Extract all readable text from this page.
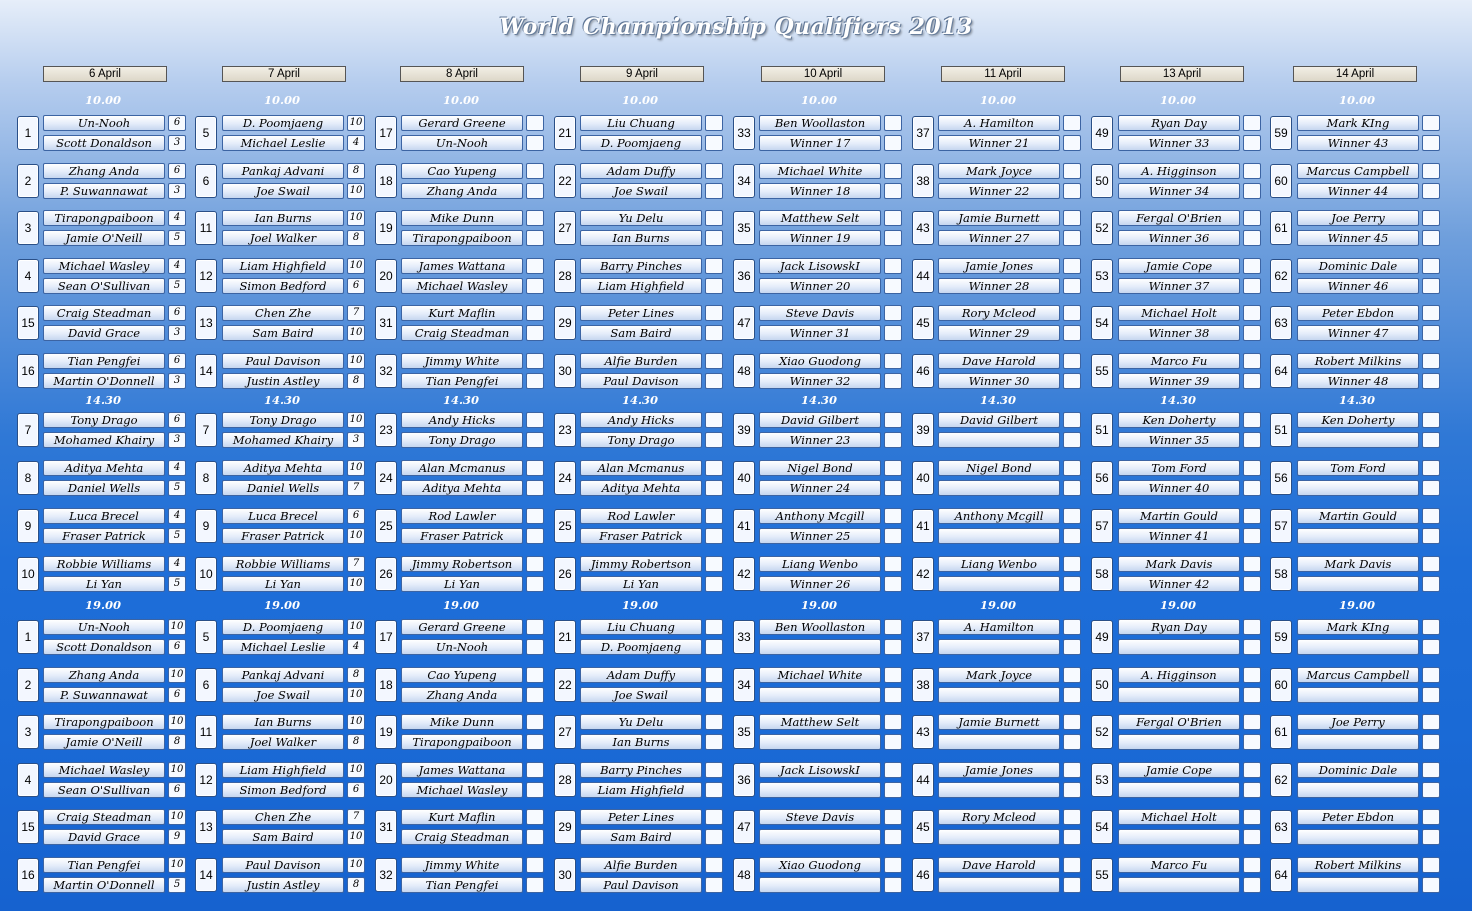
World Championship Qualifiers 2013
6 April
10.00
1
Un-Nooh	6
Scott Donaldson	3
2
Zhang Anda	6
P. Suwannawat	3
3
Tirapongpaiboon	4
Jamie O'Neill	5
4
Michael Wasley	4
Sean O'Sullivan	5
15
Craig Steadman	6
David Grace	3
16
Tian Pengfei	6
Martin O'Donnell	3
14.30
7
Tony Drago	6
Mohamed Khairy	3
8
Aditya Mehta	4
Daniel Wells	5
9
Luca Brecel	4
Fraser Patrick	5
10
Robbie Williams	4
Li Yan	5
19.00
1
Un-Nooh	10
Scott Donaldson	6
2
Zhang Anda	10
P. Suwannawat	6
3
Tirapongpaiboon	10
Jamie O'Neill	8
4
Michael Wasley	10
Sean O'Sullivan	6
15
Craig Steadman	10
David Grace	9
16
Tian Pengfei	10
Martin O'Donnell	5
7 April
10.00
5
D. Poomjaeng	10
Michael Leslie	4
6
Pankaj Advani	8
Joe Swail	10
11
Ian Burns	10
Joel Walker	8
12
Liam Highfield	10
Simon Bedford	6
13
Chen Zhe	7
Sam Baird	10
14
Paul Davison	10
Justin Astley	8
14.30
7
Tony Drago	10
Mohamed Khairy	3
8
Aditya Mehta	10
Daniel Wells	7
9
Luca Brecel	6
Fraser Patrick	10
10
Robbie Williams	7
Li Yan	10
19.00
5
D. Poomjaeng	10
Michael Leslie	4
6
Pankaj Advani	8
Joe Swail	10
11
Ian Burns	10
Joel Walker	8
12
Liam Highfield	10
Simon Bedford	6
13
Chen Zhe	7
Sam Baird	10
14
Paul Davison	10
Justin Astley	8
8 April
10.00
17
Gerard Greene
Un-Nooh
18
Cao Yupeng
Zhang Anda
19
Mike Dunn
Tirapongpaiboon
20
James Wattana
Michael Wasley
31
Kurt Maflin
Craig Steadman
32
Jimmy White
Tian Pengfei
14.30
23
Andy Hicks
Tony Drago
24
Alan Mcmanus
Aditya Mehta
25
Rod Lawler
Fraser Patrick
26
Jimmy Robertson
Li Yan
19.00
17
Gerard Greene
Un-Nooh
18
Cao Yupeng
Zhang Anda
19
Mike Dunn
Tirapongpaiboon
20
James Wattana
Michael Wasley
31
Kurt Maflin
Craig Steadman
32
Jimmy White
Tian Pengfei
9 April
10.00
21
Liu Chuang
D. Poomjaeng
22
Adam Duffy
Joe Swail
27
Yu Delu
Ian Burns
28
Barry Pinches
Liam Highfield
29
Peter Lines
Sam Baird
30
Alfie Burden
Paul Davison
14.30
23
Andy Hicks
Tony Drago
24
Alan Mcmanus
Aditya Mehta
25
Rod Lawler
Fraser Patrick
26
Jimmy Robertson
Li Yan
19.00
21
Liu Chuang
D. Poomjaeng
22
Adam Duffy
Joe Swail
27
Yu Delu
Ian Burns
28
Barry Pinches
Liam Highfield
29
Peter Lines
Sam Baird
30
Alfie Burden
Paul Davison
10 April
10.00
33
Ben Woollaston
Winner 17
34
Michael White
Winner 18
35
Matthew Selt
Winner 19
36
Jack LisowskI
Winner 20
47
Steve Davis
Winner 31
48
Xiao Guodong
Winner 32
14.30
39
David Gilbert
Winner 23
40
Nigel Bond
Winner 24
41
Anthony Mcgill
Winner 25
42
Liang Wenbo
Winner 26
19.00
33
Ben Woollaston
34
Michael White
35
Matthew Selt
36
Jack LisowskI
47
Steve Davis
48
Xiao Guodong
11 April
10.00
37
A. Hamilton
Winner 21
38
Mark Joyce
Winner 22
43
Jamie Burnett
Winner 27
44
Jamie Jones
Winner 28
45
Rory Mcleod
Winner 29
46
Dave Harold
Winner 30
14.30
39
David Gilbert
40
Nigel Bond
41
Anthony Mcgill
42
Liang Wenbo
19.00
37
A. Hamilton
38
Mark Joyce
43
Jamie Burnett
44
Jamie Jones
45
Rory Mcleod
46
Dave Harold
13 April
10.00
49
Ryan Day
Winner 33
50
A. Higginson
Winner 34
52
Fergal O'Brien
Winner 36
53
Jamie Cope
Winner 37
54
Michael Holt
Winner 38
55
Marco Fu
Winner 39
14.30
51
Ken Doherty
Winner 35
56
Tom Ford
Winner 40
57
Martin Gould
Winner 41
58
Mark Davis
Winner 42
19.00
49
Ryan Day
50
A. Higginson
52
Fergal O'Brien
53
Jamie Cope
54
Michael Holt
55
Marco Fu
14 April
10.00
59
Mark KIng
Winner 43
60
Marcus Campbell
Winner 44
61
Joe Perry
Winner 45
62
Dominic Dale
Winner 46
63
Peter Ebdon
Winner 47
64
Robert Milkins
Winner 48
14.30
51
Ken Doherty
56
Tom Ford
57
Martin Gould
58
Mark Davis
19.00
59
Mark KIng
60
Marcus Campbell
61
Joe Perry
62
Dominic Dale
63
Peter Ebdon
64
Robert Milkins
